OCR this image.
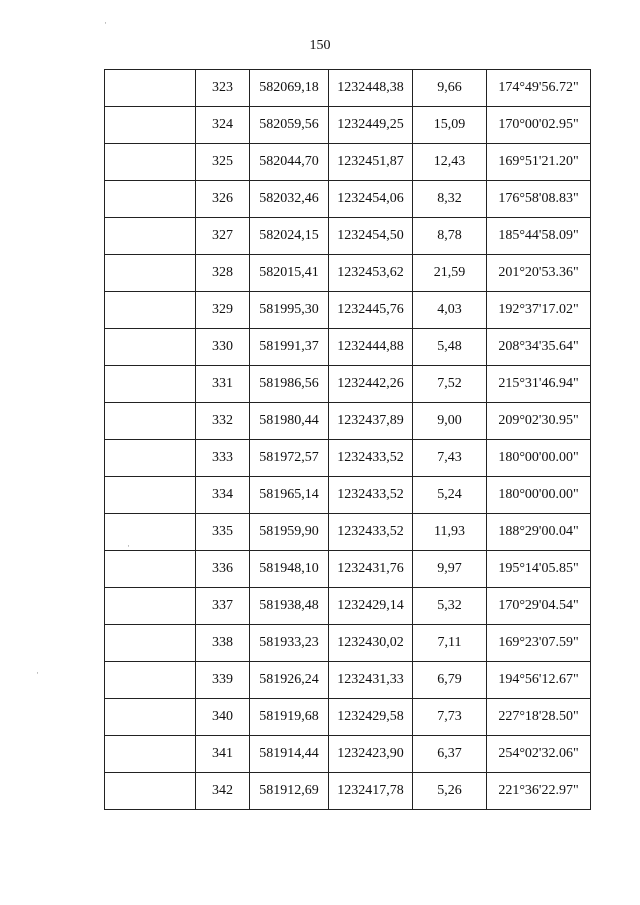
150
·
·
·
	323	582069,18	1232448,38	9,66	174°49'56.72"
	324	582059,56	1232449,25	15,09	170°00'02.95"
	325	582044,70	1232451,87	12,43	169°51'21.20"
	326	582032,46	1232454,06	8,32	176°58'08.83"
	327	582024,15	1232454,50	8,78	185°44'58.09"
	328	582015,41	1232453,62	21,59	201°20'53.36"
	329	581995,30	1232445,76	4,03	192°37'17.02"
	330	581991,37	1232444,88	5,48	208°34'35.64"
	331	581986,56	1232442,26	7,52	215°31'46.94"
	332	581980,44	1232437,89	9,00	209°02'30.95"
	333	581972,57	1232433,52	7,43	180°00'00.00"
	334	581965,14	1232433,52	5,24	180°00'00.00"
	335	581959,90	1232433,52	11,93	188°29'00.04"
	336	581948,10	1232431,76	9,97	195°14'05.85"
	337	581938,48	1232429,14	5,32	170°29'04.54"
	338	581933,23	1232430,02	7,11	169°23'07.59"
	339	581926,24	1232431,33	6,79	194°56'12.67"
	340	581919,68	1232429,58	7,73	227°18'28.50"
	341	581914,44	1232423,90	6,37	254°02'32.06"
	342	581912,69	1232417,78	5,26	221°36'22.97"
